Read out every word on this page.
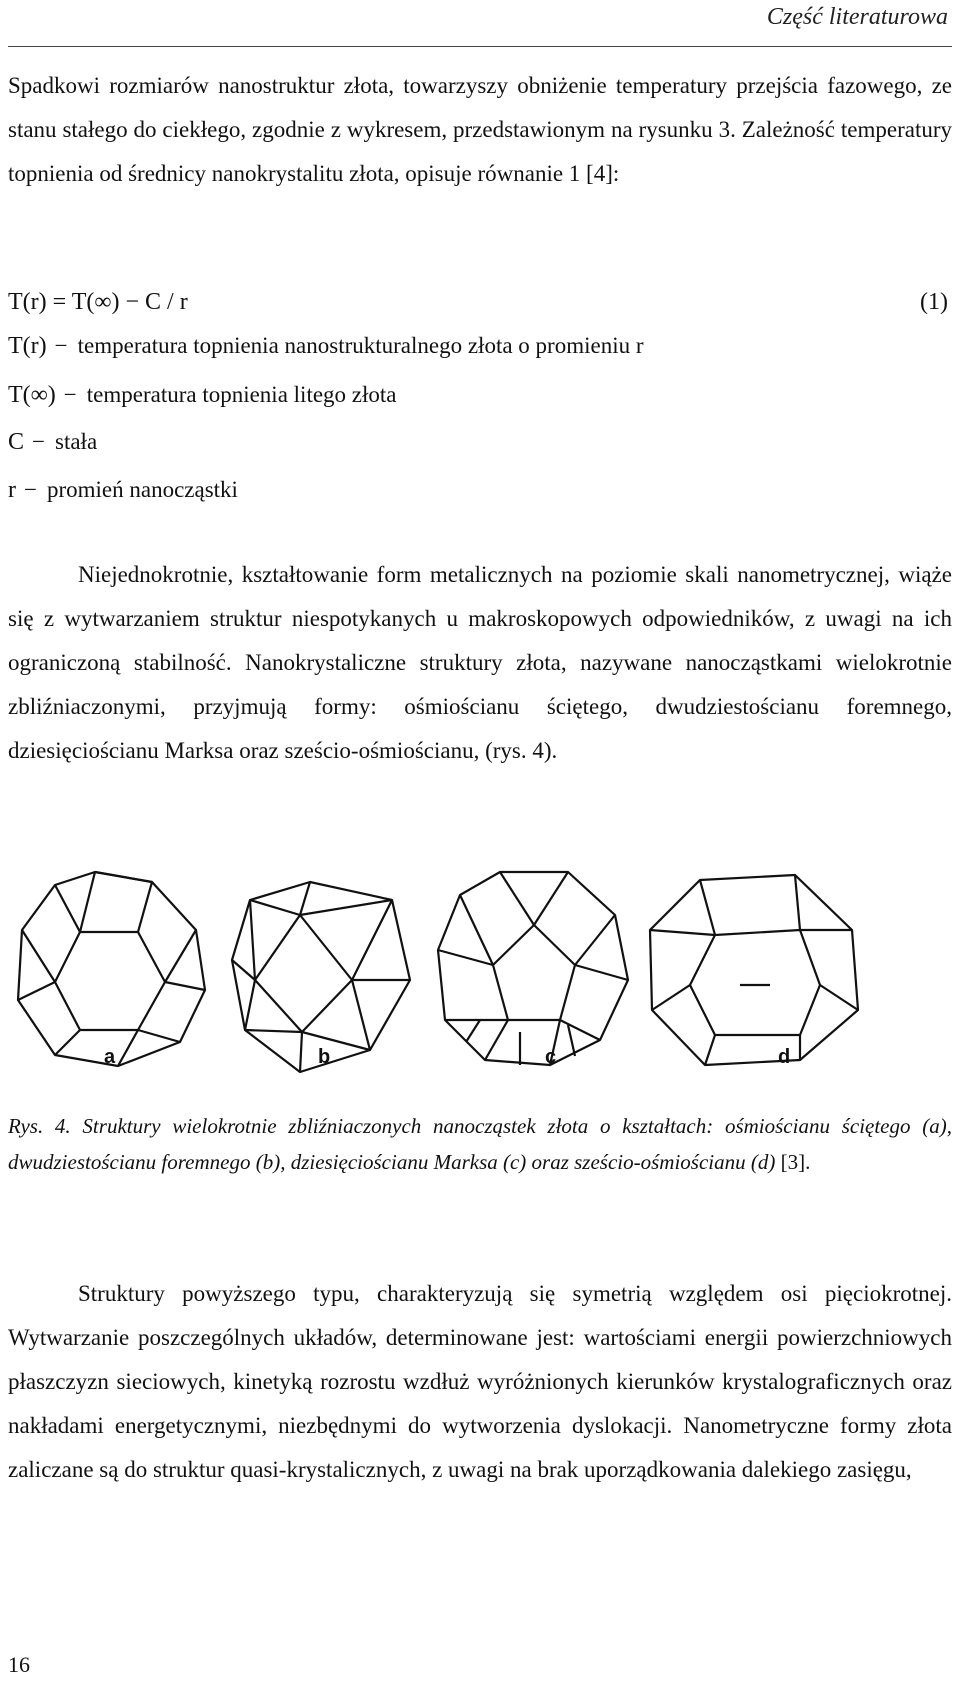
Część literaturowa

Spadkowi rozmiarów nanostruktur złota, towarzyszy obniżenie temperatury przejścia fazowego, ze stanu stałego do ciekłego, zgodnie z wykresem, przedstawionym na rysunku 3. Zależność temperatury topnienia od średnicy nanokrystalitu złota, opisuje równanie 1 [4]:

T(r) = T(∞) − C / r	(1)
T(r) − temperatura topnienia nanostrukturalnego złota o promieniu r
T(∞) − temperatura topnienia litego złota
C − stała
r − promień nanocząstki

Niejednokrotnie, kształtowanie form metalicznych na poziomie skali nanometrycznej, wiąże się z wytwarzaniem struktur niespotykanych u makroskopowych odpowiedników, z uwagi na ich ograniczoną stabilność. Nanokrystaliczne struktury złota, nazywane nanocząstkami wielokrotnie zbliźniaczonymi, przyjmują formy: ośmiościanu ściętego, dwudziestościanu foremnego, dziesięciościanu Marksa oraz sześcio-ośmiościanu, (rys. 4).

a	b	c	d

Rys. 4. Struktury wielokrotnie zbliźniaczonych nanocząstek złota o kształtach: ośmiościanu ściętego (a), dwudziestościanu foremnego (b), dziesięciościanu Marksa (c) oraz sześcio-ośmiościanu (d) [3].

Struktury powyższego typu, charakteryzują się symetrią względem osi pięciokrotnej. Wytwarzanie poszczególnych układów, determinowane jest: wartościami energii powierzchniowych płaszczyzn sieciowych, kinetyką rozrostu wzdłuż wyróżnionych kierunków krystalograficznych oraz nakładami energetycznymi, niezbędnymi do wytworzenia dyslokacji. Nanometryczne formy złota zaliczane są do struktur quasi-krystalicznych, z uwagi na brak uporządkowania dalekiego zasięgu,

16
